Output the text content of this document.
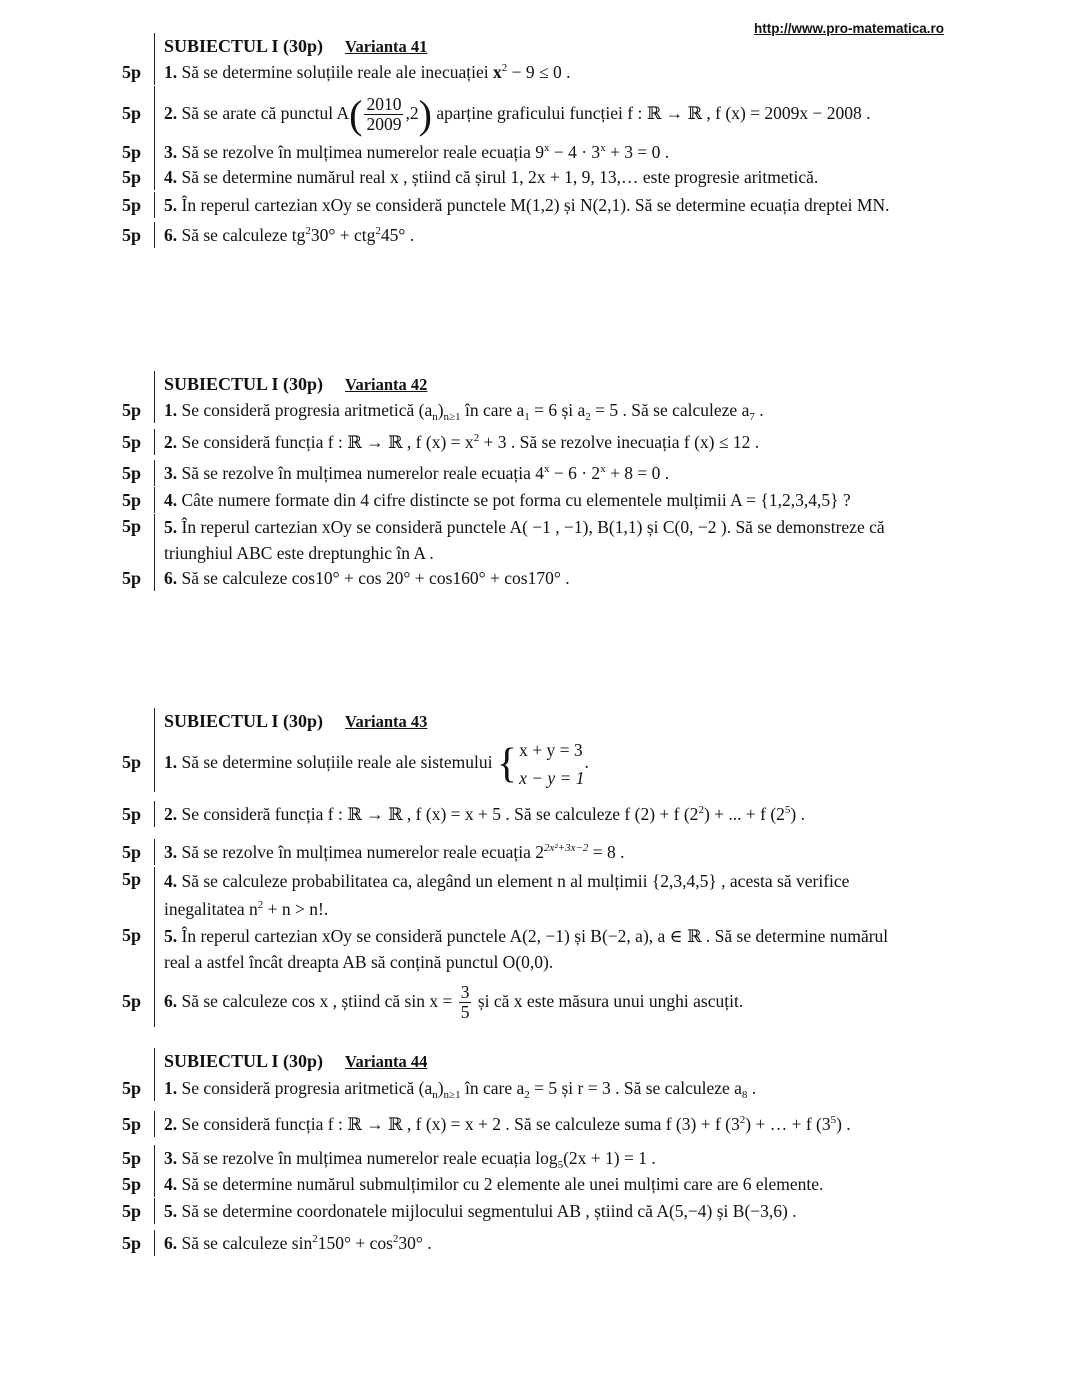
http://www.pro-matematica.ro
SUBIECTUL I (30p) Varianta 41
5p	1. Să se determine soluțiile reale ale inecuației $x^2 - 9 \le 0$ .
5p	2. Să se arate că punctul $A( \frac{2010}{2009} ,2)$ aparține graficului funcției f : ℝ → ℝ , f (x) = 2009x − 2008 .
5p	3. Să se rezolve în mulțimea numerelor reale ecuația $9^x - 4 \cdot 3^x + 3 = 0$ .
5p	4. Să se determine numărul real x , știind că șirul 1, 2x + 1, 9, 13,… este progresie aritmetică.
5p	5. În reperul cartezian xOy se consideră punctele M(1,2) și N(2,1). Să se determine ecuația dreptei MN.
5p	6. Să se calculeze $tg^230^\circ + ctg^245^\circ$ .
SUBIECTUL I (30p) Varianta 42
5p	1. Se consideră progresia aritmetică $(a_n)_{n\ge 1}$ în care $a_1 = 6$ și $a_2 = 5$ . Să se calculeze $a_7$ .
5p	2. Se consideră funcția f : ℝ → ℝ , f $(x) = x^2 + 3$ . Să se rezolve inecuația f (x) ≤ 12 .
5p	3. Să se rezolve în mulțimea numerelor reale ecuația $4^x - 6 \cdot 2^x + 8 = 0$ .
5p	4. Câte numere formate din 4 cifre distincte se pot forma cu elementele mulțimii A = {1,2,3,4,5} ?
5p	5. În reperul cartezian xOy se consideră punctele A( −1 , −1), B(1,1) și C(0, −2 ). Să se demonstreze că
triunghiul ABC este dreptunghic în A .
5p	6. Să se calculeze cos10° + cos 20° + cos160° + cos170° .
SUBIECTUL I (30p) Varianta 43
5p	1. Să se determine soluțiile reale ale sistemului { x + y = 3
x − y = 1
.
5p	2. Se consideră funcția f : ℝ → ℝ , f (x) = x + 5 . Să se calculeze f (2) + f $(2^2)$ + ... + f $(2^5)$ .
5p	3. Să se rezolve în mulțimea numerelor reale ecuația $2^{2x^2+3x-2} = 8$ .
5p	4. Să se calculeze probabilitatea ca, alegând un element n al mulțimii {2,3,4,5} , acesta să verifice
inegalitatea $n^2 + n > n$!.
5p	5. În reperul cartezian xOy se consideră punctele A(2, −1) și B(−2, a), a ∈ ℝ . Să se determine numărul
real a astfel încât dreapta AB să conțină punctul O(0,0).
5p	6. Să se calculeze cos x , știind că $\sin x = \frac{3}{5}$ și că x este măsura unui unghi ascuțit.
SUBIECTUL I (30p) Varianta 44
5p	1. Se consideră progresia aritmetică $(a_n)_{n\ge 1}$ în care $a_2 = 5$ și r = 3 . Să se calculeze $a_8$ .
5p	2. Se consideră funcția f : ℝ → ℝ , f (x) = x + 2 . Să se calculeze suma f (3) + f $(3^2)$ + … + f $(3^5)$ .
5p	3. Să se rezolve în mulțimea numerelor reale ecuația $\log_5(2x + 1) = 1$ .
5p	4. Să se determine numărul submulțimilor cu 2 elemente ale unei mulțimi care are 6 elemente.
5p	5. Să se determine coordonatele mijlocului segmentului AB , știind că A(5,−4) și B(−3,6) .
5p	6. Să se calculeze $\sin^2150^\circ + \cos^230^\circ$ .
